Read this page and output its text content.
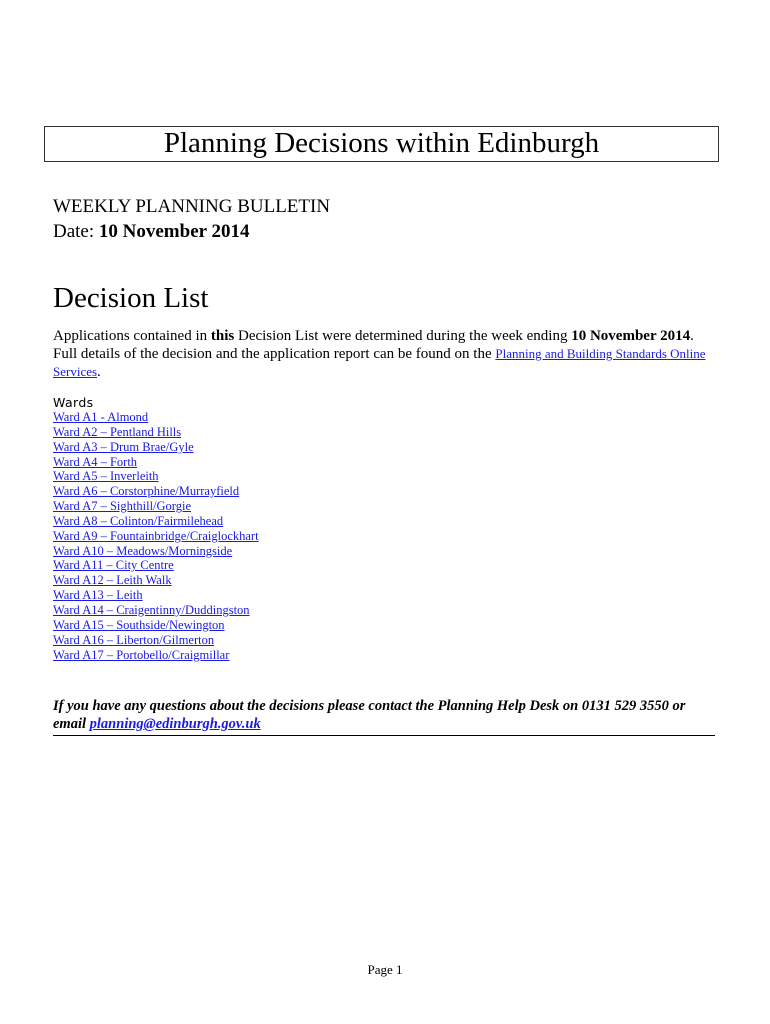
Planning Decisions within Edinburgh
WEEKLY PLANNING BULLETIN
Date: 10 November 2014
Decision List
Applications contained in this Decision List were determined during the week ending 10 November 2014.
Full details of the decision and the application report can be found on the Planning and Building Standards Online Services.
Wards
Ward A1 - Almond
Ward A2 – Pentland Hills
Ward A3 – Drum Brae/Gyle
Ward A4 – Forth
Ward A5 – Inverleith
Ward A6 – Corstorphine/Murrayfield
Ward A7 – Sighthill/Gorgie
Ward A8 – Colinton/Fairmilehead
Ward A9 – Fountainbridge/Craiglockhart
Ward A10 – Meadows/Morningside
Ward A11 – City Centre
Ward A12 – Leith Walk
Ward A13 – Leith
Ward A14 – Craigentinny/Duddingston
Ward A15 – Southside/Newington
Ward A16 – Liberton/Gilmerton
Ward A17 – Portobello/Craigmillar
If you have any questions about the decisions please contact the Planning Help Desk on 0131 529 3550 or email planning@edinburgh.gov.uk
Page 1
